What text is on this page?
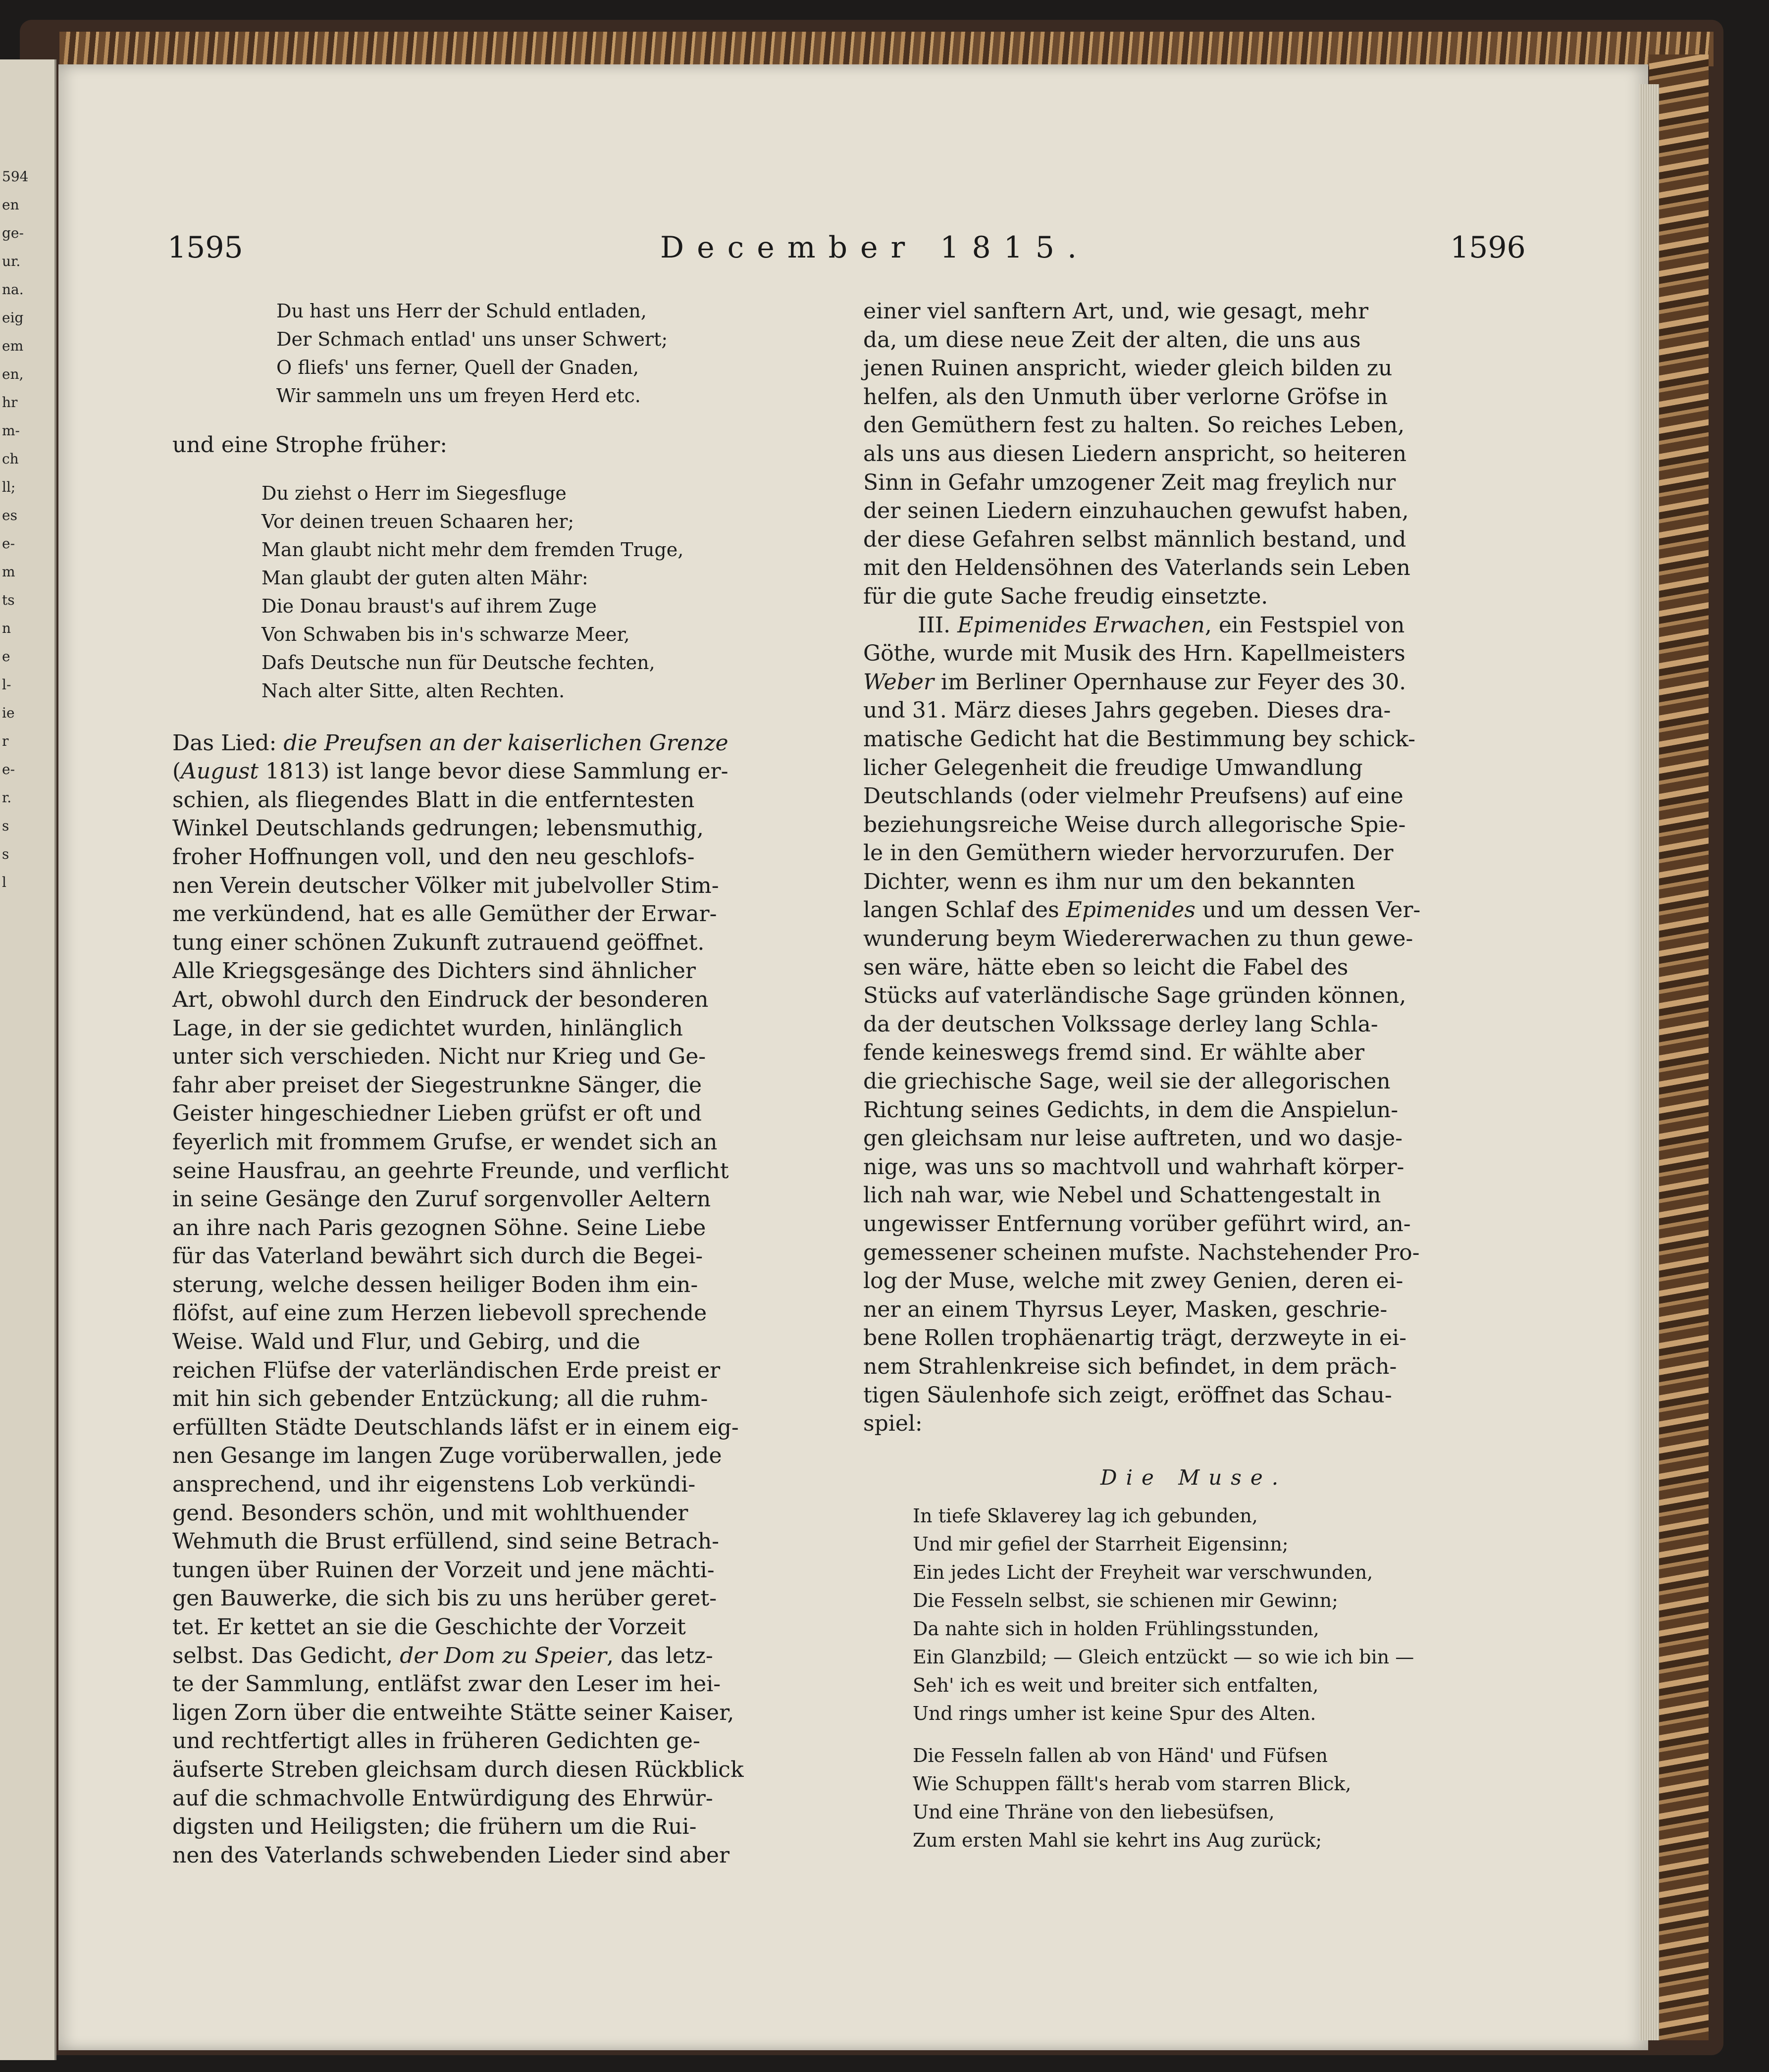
594
en
ge-
ur.
na.
eig
em
en,
hr
m-
ch
ll;
es
e-
m
ts
n
e
l-
ie
r
e-
r.
s
s
l
1595	December 1815.	1596
Du hast uns Herr der Schuld entladen,
Der Schmach entlad' uns unser Schwert;
O fliefs' uns ferner, Quell der Gnaden,
Wir sammeln uns um freyen Herd etc.
und eine Strophe früher:
Du ziehst o Herr im Siegesfluge
Vor deinen treuen Schaaren her;
Man glaubt nicht mehr dem fremden Truge,
Man glaubt der guten alten Mähr:
Die Donau braust's auf ihrem Zuge
Von Schwaben bis in's schwarze Meer,
Dafs Deutsche nun für Deutsche fechten,
Nach alter Sitte, alten Rechten.
Das Lied: die Preufsen an der kaiserlichen Grenze
(August 1813) ist lange bevor diese Sammlung er-
schien, als fliegendes Blatt in die entferntesten
Winkel Deutschlands gedrungen; lebensmuthig,
froher Hoffnungen voll, und den neu geschlofs-
nen Verein deutscher Völker mit jubelvoller Stim-
me verkündend, hat es alle Gemüther der Erwar-
tung einer schönen Zukunft zutrauend geöffnet.
Alle Kriegsgesänge des Dichters sind ähnlicher
Art, obwohl durch den Eindruck der besonderen
Lage, in der sie gedichtet wurden, hinlänglich
unter sich verschieden. Nicht nur Krieg und Ge-
fahr aber preiset der Siegestrunkne Sänger, die
Geister hingeschiedner Lieben grüfst er oft und
feyerlich mit frommem Grufse, er wendet sich an
seine Hausfrau, an geehrte Freunde, und verflicht
in seine Gesänge den Zuruf sorgenvoller Aeltern
an ihre nach Paris gezognen Söhne. Seine Liebe
für das Vaterland bewährt sich durch die Begei-
sterung, welche dessen heiliger Boden ihm ein-
flöfst, auf eine zum Herzen liebevoll sprechende
Weise. Wald und Flur, und Gebirg, und die
reichen Flüfse der vaterländischen Erde preist er
mit hin sich gebender Entzückung; all die ruhm-
erfüllten Städte Deutschlands läfst er in einem eig-
nen Gesange im langen Zuge vorüberwallen, jede
ansprechend, und ihr eigenstens Lob verkündi-
gend. Besonders schön, und mit wohlthuender
Wehmuth die Brust erfüllend, sind seine Betrach-
tungen über Ruinen der Vorzeit und jene mächti-
gen Bauwerke, die sich bis zu uns herüber geret-
tet. Er kettet an sie die Geschichte der Vorzeit
selbst. Das Gedicht, der Dom zu Speier, das letz-
te der Sammlung, entläfst zwar den Leser im hei-
ligen Zorn über die entweihte Stätte seiner Kaiser,
und rechtfertigt alles in früheren Gedichten ge-
äufserte Streben gleichsam durch diesen Rückblick
auf die schmachvolle Entwürdigung des Ehrwür-
digsten und Heiligsten; die frühern um die Rui-
nen des Vaterlands schwebenden Lieder sind aber
einer viel sanftern Art, und, wie gesagt, mehr
da, um diese neue Zeit der alten, die uns aus
jenen Ruinen anspricht, wieder gleich bilden zu
helfen, als den Unmuth über verlorne Gröfse in
den Gemüthern fest zu halten. So reiches Leben,
als uns aus diesen Liedern anspricht, so heiteren
Sinn in Gefahr umzogener Zeit mag freylich nur
der seinen Liedern einzuhauchen gewufst haben,
der diese Gefahren selbst männlich bestand, und
mit den Heldensöhnen des Vaterlands sein Leben
für die gute Sache freudig einsetzte.
III. Epimenides Erwachen, ein Festspiel von
Göthe, wurde mit Musik des Hrn. Kapellmeisters
Weber im Berliner Opernhause zur Feyer des 30.
und 31. März dieses Jahrs gegeben. Dieses dra-
matische Gedicht hat die Bestimmung bey schick-
licher Gelegenheit die freudige Umwandlung
Deutschlands (oder vielmehr Preufsens) auf eine
beziehungsreiche Weise durch allegorische Spie-
le in den Gemüthern wieder hervorzurufen. Der
Dichter, wenn es ihm nur um den bekannten
langen Schlaf des Epimenides und um dessen Ver-
wunderung beym Wiedererwachen zu thun gewe-
sen wäre, hätte eben so leicht die Fabel des
Stücks auf vaterländische Sage gründen können,
da der deutschen Volkssage derley lang Schla-
fende keineswegs fremd sind. Er wählte aber
die griechische Sage, weil sie der allegorischen
Richtung seines Gedichts, in dem die Anspielun-
gen gleichsam nur leise auftreten, und wo dasje-
nige, was uns so machtvoll und wahrhaft körper-
lich nah war, wie Nebel und Schattengestalt in
ungewisser Entfernung vorüber geführt wird, an-
gemessener scheinen mufste. Nachstehender Pro-
log der Muse, welche mit zwey Genien, deren ei-
ner an einem Thyrsus Leyer, Masken, geschrie-
bene Rollen trophäenartig trägt, derzweyte in ei-
nem Strahlenkreise sich befindet, in dem präch-
tigen Säulenhofe sich zeigt, eröffnet das Schau-
spiel:
Die Muse.
In tiefe Sklaverey lag ich gebunden,
Und mir gefiel der Starrheit Eigensinn;
Ein jedes Licht der Freyheit war verschwunden,
Die Fesseln selbst, sie schienen mir Gewinn;
Da nahte sich in holden Frühlingsstunden,
Ein Glanzbild; — Gleich entzückt — so wie ich bin —
Seh' ich es weit und breiter sich entfalten,
Und rings umher ist keine Spur des Alten.
Die Fesseln fallen ab von Händ' und Füfsen
Wie Schuppen fällt's herab vom starren Blick,
Und eine Thräne von den liebesüfsen,
Zum ersten Mahl sie kehrt ins Aug zurück;
